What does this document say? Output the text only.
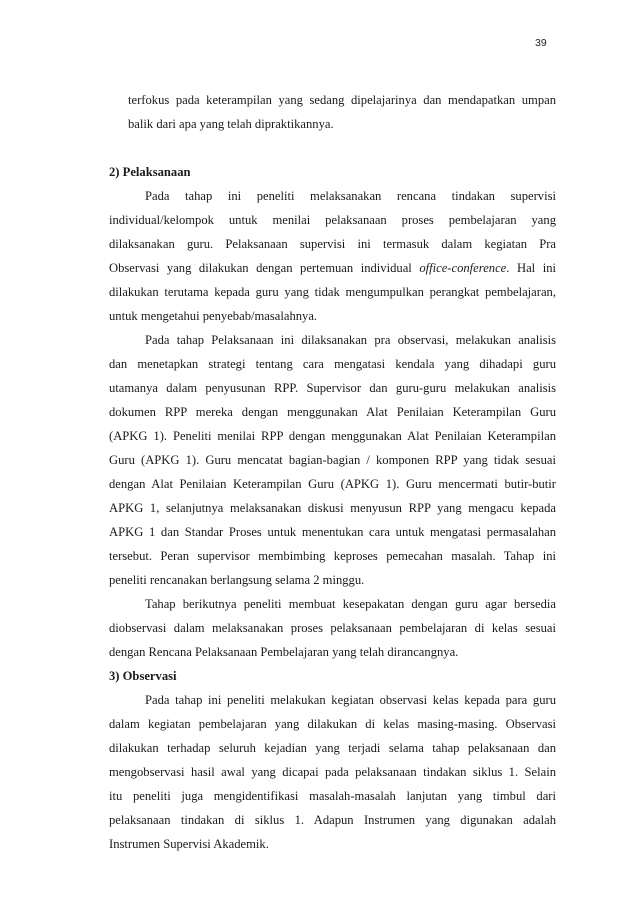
39
terfokus pada keterampilan yang sedang dipelajarinya dan mendapatkan umpan
balik dari apa yang telah dipraktikannya.
2) Pelaksanaan
Pada tahap ini peneliti melaksanakan rencana tindakan supervisi
individual/kelompok untuk menilai pelaksanaan proses pembelajaran yang
dilaksanakan guru. Pelaksanaan supervisi ini termasuk dalam kegiatan Pra
Observasi yang dilakukan dengan pertemuan individual office-conference. Hal ini
dilakukan terutama kepada guru yang tidak mengumpulkan perangkat pembelajaran,
untuk mengetahui penyebab/masalahnya.
Pada tahap Pelaksanaan ini dilaksanakan pra observasi, melakukan analisis
dan menetapkan strategi tentang cara mengatasi kendala yang dihadapi guru
utamanya dalam penyusunan RPP. Supervisor dan guru-guru melakukan analisis
dokumen RPP mereka dengan menggunakan Alat Penilaian Keterampilan Guru
(APKG 1). Peneliti menilai RPP dengan menggunakan Alat Penilaian Keterampilan
Guru (APKG 1). Guru mencatat bagian-bagian / komponen RPP yang tidak sesuai
dengan Alat Penilaian Keterampilan Guru (APKG 1). Guru mencermati butir-butir
APKG 1, selanjutnya melaksanakan diskusi menyusun RPP yang mengacu kepada
APKG 1 dan Standar Proses untuk menentukan cara untuk mengatasi permasalahan
tersebut. Peran supervisor membimbing keproses pemecahan masalah. Tahap ini
peneliti rencanakan berlangsung selama 2 minggu.
Tahap berikutnya peneliti membuat kesepakatan dengan guru agar bersedia
diobservasi dalam melaksanakan proses pelaksanaan pembelajaran di kelas sesuai
dengan Rencana Pelaksanaan Pembelajaran yang telah dirancangnya.
3) Observasi
Pada tahap ini peneliti melakukan kegiatan observasi kelas kepada para guru
dalam kegiatan pembelajaran yang dilakukan di kelas masing-masing. Observasi
dilakukan terhadap seluruh kejadian yang terjadi selama tahap pelaksanaan dan
mengobservasi hasil awal yang dicapai pada pelaksanaan tindakan siklus 1. Selain
itu peneliti juga mengidentifikasi masalah-masalah lanjutan yang timbul dari
pelaksanaan tindakan di siklus 1. Adapun Instrumen yang digunakan adalah
Instrumen Supervisi Akademik.
